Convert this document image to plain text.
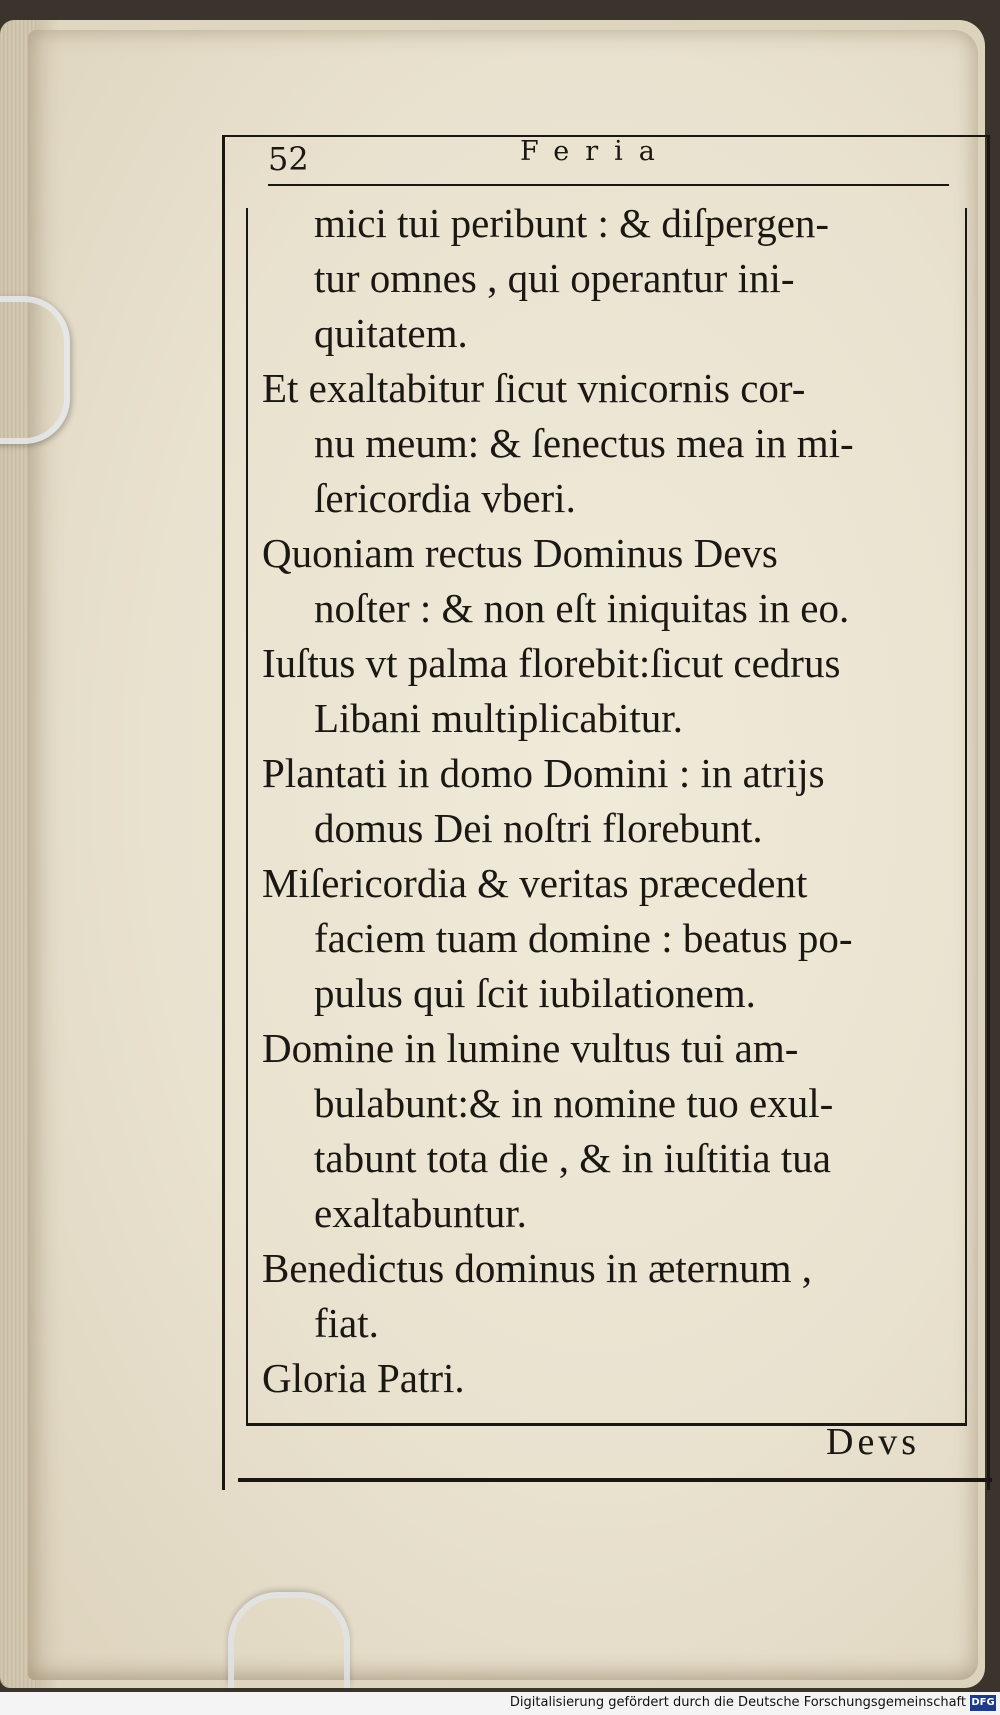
52	Feria
mici tui peribunt : & diſpergen-
tur omnes , qui operantur ini-
quitatem.
Et exaltabitur ſicut vnicornis cor-
nu meum: & ſenectus mea in mi-
ſericordia vberi.
Quoniam rectus Dominus Devs
noſter : & non eſt iniquitas in eo.
Iuſtus vt palma florebit:ſicut cedrus
Libani multiplicabitur.
Plantati in domo Domini : in atrijs
domus Dei noſtri florebunt.
Miſericordia & veritas præcedent
faciem tuam domine : beatus po-
pulus qui ſcit iubilationem.
Domine in lumine vultus tui am-
bulabunt:& in nomine tuo exul-
tabunt tota die , & in iuſtitia tua
exaltabuntur.
Benedictus dominus in æternum ,
fiat.
Gloria Patri.
Devs
Digitalisierung gefördert durch die Deutsche Forschungsgemeinschaft DFG
